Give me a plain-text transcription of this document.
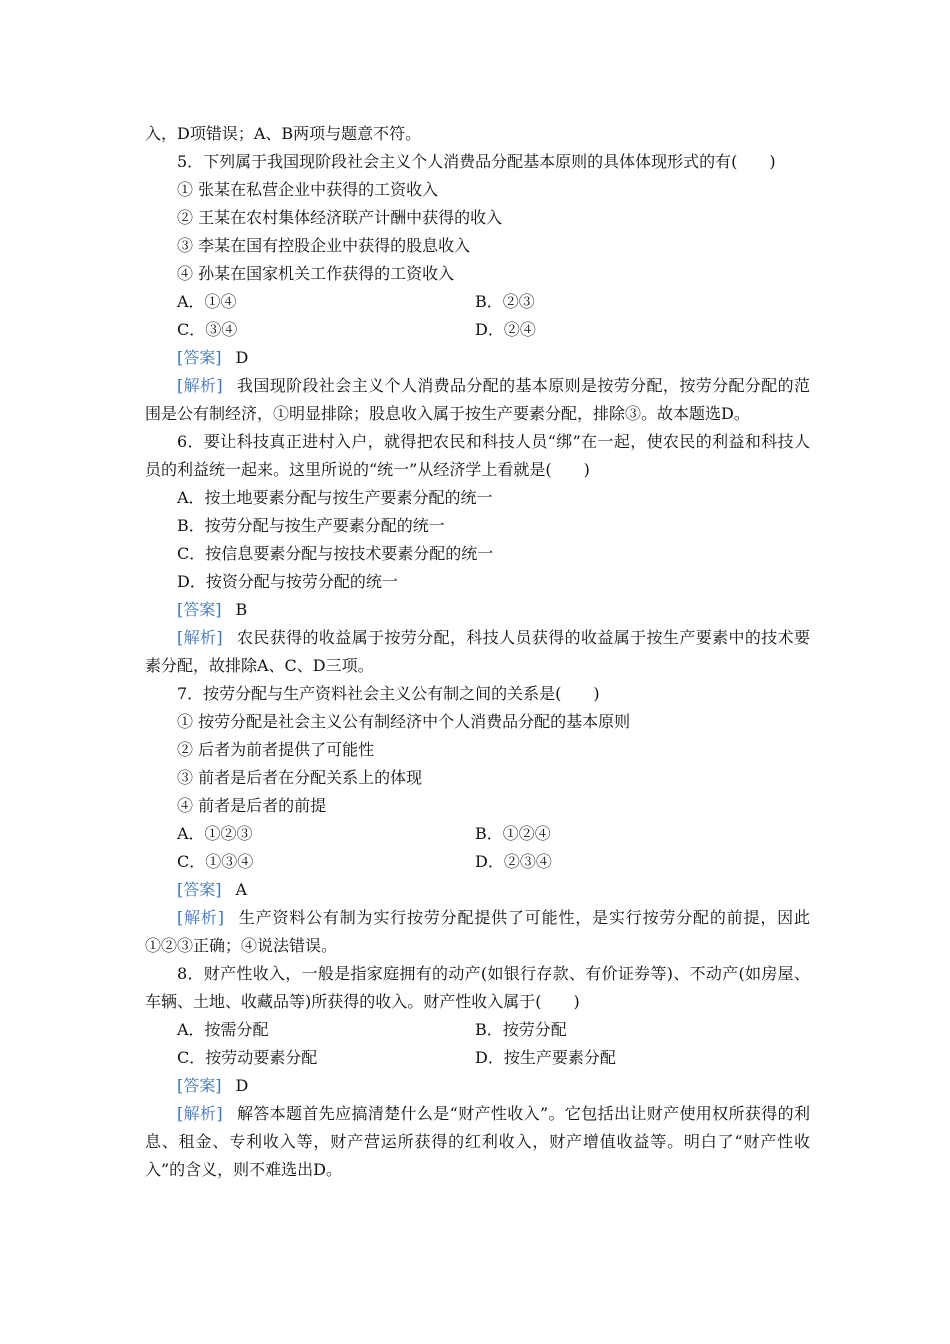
入，D项错误；A、B两项与题意不符。
5．下列属于我国现阶段社会主义个人消费品分配基本原则的具体体现形式的有(　　)
① 张某在私营企业中获得的工资收入
② 王某在农村集体经济联产计酬中获得的收入
③ 李某在国有控股企业中获得的股息收入
④ 孙某在国家机关工作获得的工资收入
A．①④	B．②③
C．③④	D．②④
[答案] D

[解析] 我国现阶段社会主义个人消费品分配的基本原则是按劳分配，按劳分配分配的范围是公有制经济，①明显排除；股息收入属于按生产要素分配，排除③。故本题选D。

6．要让科技真正进村入户，就得把农民和科技人员“绑”在一起，使农民的利益和科技人员的利益统一起来。这里所说的“统一”从经济学上看就是(　　)

A．按土地要素分配与按生产要素分配的统一
B．按劳分配与按生产要素分配的统一
C．按信息要素分配与按技术要素分配的统一
D．按资分配与按劳分配的统一
[答案] B

[解析] 农民获得的收益属于按劳分配，科技人员获得的收益属于按生产要素中的技术要素分配，故排除A、C、D三项。

7．按劳分配与生产资料社会主义公有制之间的关系是(　　)
① 按劳分配是社会主义公有制经济中个人消费品分配的基本原则
② 后者为前者提供了可能性
③ 前者是后者在分配关系上的体现
④ 前者是后者的前提
A．①②③	B．①②④
C．①③④	D．②③④
[答案] A

[解析] 生产资料公有制为实行按劳分配提供了可能性，是实行按劳分配的前提，因此①②③正确；④说法错误。

8．财产性收入，一般是指家庭拥有的动产(如银行存款、有价证券等)、不动产(如房屋、车辆、土地、收藏品等)所获得的收入。财产性收入属于(　　)

A．按需分配	B．按劳分配
C．按劳动要素分配	D．按生产要素分配
[答案] D

[解析] 解答本题首先应搞清楚什么是“财产性收入”。它包括出让财产使用权所获得的利息、租金、专利收入等，财产营运所获得的红利收入，财产增值收益等。明白了“财产性收入”的含义，则不难选出D。
